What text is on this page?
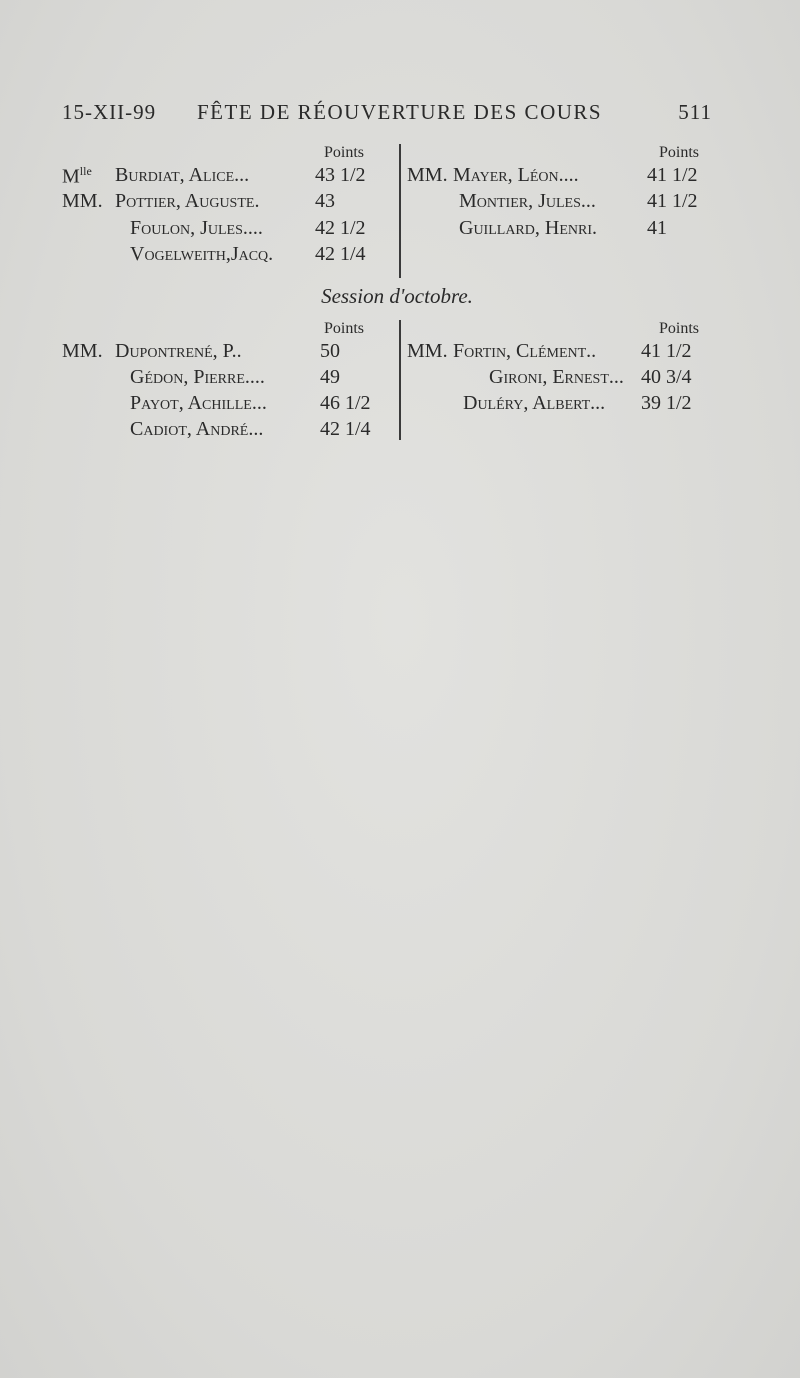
15-XII-99 FÊTE DE RÉOUVERTURE DES COURS	511
Points
$M^{lle}$ Burdiat, Alice...	43 1/2
MM. Pottier, Auguste.	43
Foulon, Jules....	42 1/2
Vogelweith,Jacq. 42 1/4
Points
MM. Mayer, Léon....	41 1/2
Montier, Jules...	41 1/2
Guillard, Henri.	41
Session d'octobre.
Points
MM. Dupontrené, P..	50
Gédon, Pierre....	49
Payot, Achille...	46 1/2
Cadiot, André...	42 1/4
Points
MM. Fortin, Clément.. 41 1/2
Gironi, Ernest... 40 3/4
Duléry, Albert... 39 1/2
